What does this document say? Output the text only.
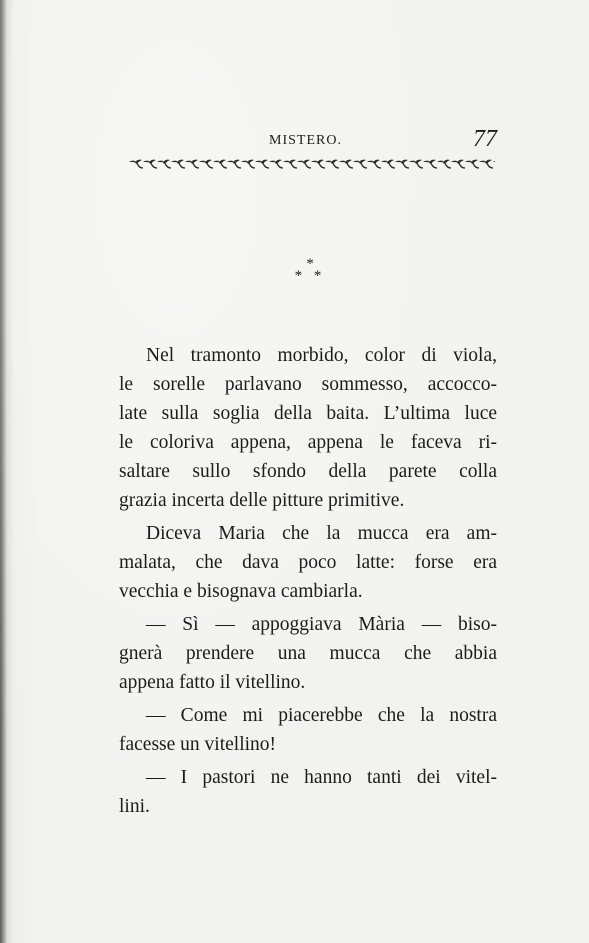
MISTERO.	77
*
* *
Nel tramonto morbido, color di viola,
le sorelle parlavano sommesso, accocco-
late sulla soglia della baita. L’ultima luce
le coloriva appena, appena le faceva ri-
saltare sullo sfondo della parete colla
grazia incerta delle pitture primitive.
Diceva Maria che la mucca era am-
malata, che dava poco latte: forse era
vecchia e bisognava cambiarla.
— Sì — appoggiava Mària — biso-
gnerà prendere una mucca che abbia
appena fatto il vitellino.
— Come mi piacerebbe che la nostra
facesse un vitellino!
— I pastori ne hanno tanti dei vitel-
lini.
